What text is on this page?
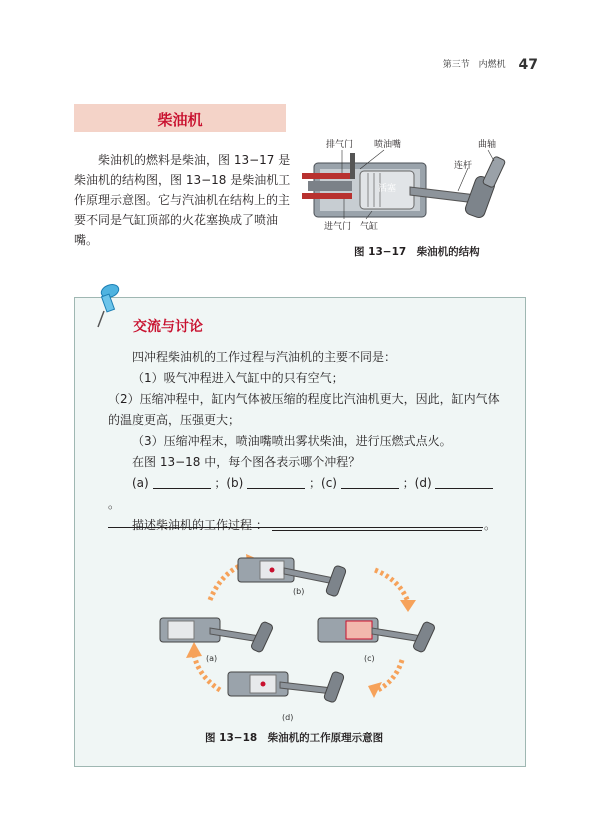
第三节 内燃机 47
柴油机
柴油机的燃料是柴油，图 13−17 是柴油机的结构图，图 13−18 是柴油机工作原理示意图。它与汽油机在结构上的主要不同是气缸顶部的火花塞换成了喷油嘴。
排气门 喷油嘴	曲轴
连杆
活塞
进气门 气缸
图 13−17　柴油机的结构
交流与讨论

四冲程柴油机的工作过程与汽油机的主要不同是：

（1）吸气冲程进入气缸中的只有空气；

（2）压缩冲程中，缸内气体被压缩的程度比汽油机更大，因此，缸内气体的温度更高，压强更大；

（3）压缩冲程末，喷油嘴喷出雾状柴油，进行压燃式点火。

在图 13−18 中，每个图各表示哪个冲程？

(a)	；(b)	；(c)	；(d)  。

描述柴油机的工作过程 ：	。
(b)
(a)	(c)
(d)
图 13−18　柴油机的工作原理示意图
